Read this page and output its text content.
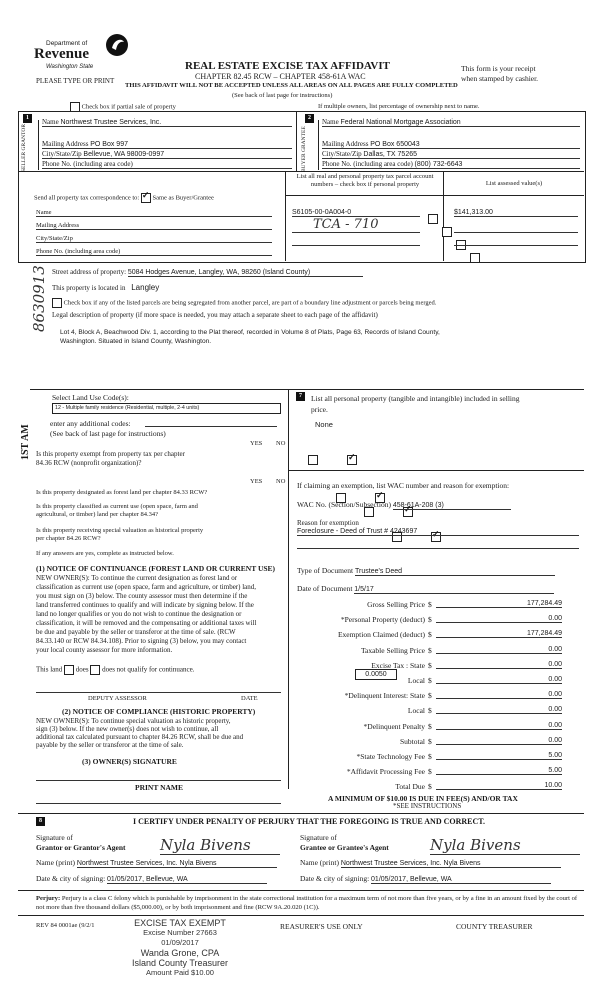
Department of
Revenue
Washington State
PLEASE TYPE OR PRINT
REAL ESTATE EXCISE TAX AFFIDAVIT
CHAPTER 82.45 RCW – CHAPTER 458-61A WAC
THIS AFFIDAVIT WILL NOT BE ACCEPTED UNLESS ALL AREAS ON ALL PAGES ARE FULLY COMPLETED
(See back of last page for instructions)
This form is your receipt
when stamped by cashier.
Check box if partial sale of property	If multiple owners, list percentage of ownership next to name.
1
SELLER GRANTOR
Name Northwest Trustee Services, Inc.
Mailing Address PO Box 997
City/State/Zip Bellevue, WA 98009-0997
Phone No. (including area code)
2
BUYER GRANTEE
Name Federal National Mortgage Association
Mailing Address PO Box 650043
City/State/Zip Dallas, TX 75265
Phone No. (including area code) (800) 732-6643
Send all property tax correspondence to: ✓ Same as Buyer/Grantee
Name
Mailing Address
City/State/Zip
Phone No. (including area code)
List all real and personal property tax parcel account numbers – check box if personal property	List assessed value(s)
S6105-00-0A004-0
	$141,313.00
TCA - 710

Street address of property: 5084 Hodges Avenue, Langley, WA, 98260 (Island County)
This property is located in Langley
Check box if any of the listed parcels are being segregated from another parcel, are part of a boundary line adjustment or parcels being merged.
Legal description of property (if more space is needed, you may attach a separate sheet to each page of the affidavit)
Lot 4, Block A, Beachwood Div. 1, according to the Plat thereof, recorded in Volume 8 of Plats, Page 63, Records of Island County,
Washington. Situated in Island County, Washington.
8630913
1ST AM
Select Land Use Code(s):
12 - Multiple family residence (Residential, multiple, 2-4 units)
enter any additional codes:
(See back of last page for instructions)
YES NO
Is this property exempt from property tax per chapter
84.36 RCW (nonprofit organization)?
✓
YES NO
Is this property designated as forest land per chapter 84.33 RCW?
✓
Is this property classified as current use (open space, farm and
agricultural, or timber) land per chapter 84.34?
✓
Is this property receiving special valuation as historical property
per chapter 84.26 RCW?
✓
If any answers are yes, complete as instructed below.
(1) NOTICE OF CONTINUANCE (FOREST LAND OR CURRENT USE)
NEW OWNER(S): To continue the current designation as forest land or
classification as current use (open space, farm and agriculture, or timber) land,
you must sign on (3) below. The county assessor must then determine if the
land transferred continues to qualify and will indicate by signing below. If the
land no longer qualifies or you do not wish to continue the designation or
classification, it will be removed and the compensating or additional taxes will
be due and payable by the seller or transferor at the time of sale. (RCW
84.33.140 or RCW 84.34.108). Prior to signing (3) below, you may contact
your local county assessor for more information.
This land does does not qualify for continuance.
DEPUTY ASSESSOR	DATE
(2) NOTICE OF COMPLIANCE (HISTORIC PROPERTY)
NEW OWNER(S): To continue special valuation as historic property,
sign (3) below. If the new owner(s) does not wish to continue, all
additional tax calculated pursuant to chapter 84.26 RCW, shall be due and
payable by the seller or transferor at the time of sale.
(3) OWNER(S) SIGNATURE
PRINT NAME
7	List all personal property (tangible and intangible) included in selling
price.
None
If claiming an exemption, list WAC number and reason for exemption:
WAC No. (Section/Subsection) 458-61A-208 (3)
Reason for exemption
Foreclosure - Deed of Trust # 4243697
Type of Document Trustee's Deed
Date of Document 1/5/17
Gross Selling Price $	177,284.49
*Personal Property (deduct) $	0.00
Exemption Claimed (deduct) $	177,284.49
Taxable Selling Price $	0.00
Excise Tax : State $	0.00
Local $	0.00
*Delinquent Interest: State $	0.00
Local $	0.00
*Delinquent Penalty $	0.00
Subtotal $	0.00
*State Technology Fee $	5.00
*Affidavit Processing Fee $	5.00
Total Due $	10.00
0.0050
A MINIMUM OF $10.00 IS DUE IN FEE(S) AND/OR TAX
*SEE INSTRUCTIONS
8	I CERTIFY UNDER PENALTY OF PERJURY THAT THE FOREGOING IS TRUE AND CORRECT.
Signature of
Grantor or Grantor's Agent Nyla Bivens
Name (print) Northwest Trustee Services, Inc. Nyla Bivens
Date & city of signing: 01/05/2017, Bellevue, WA
Signature of
Grantee or Grantee's Agent	Nyla Bivens
Name (print) Northwest Trustee Services, Inc. Nyla Bivens
Date & city of signing: 01/05/2017, Bellevue, WA
Perjury: Perjury is a class C felony which is punishable by imprisonment in the state correctional institution for a maximum term of not more than five years, or by a fine in an amount fixed by the court of not more than five thousand dollars ($5,000.00), or by both imprisonment and fine (RCW 9A.20.020 (1C)).
REV 84 0001ae (9/2/1	EXCISE TAX EXEMPT
Excise Number 27663
01/09/2017
Wanda Grone, CPA
Island County Treasurer
Amount Paid $10.00
REASURER'S USE ONLY	COUNTY TREASURER
